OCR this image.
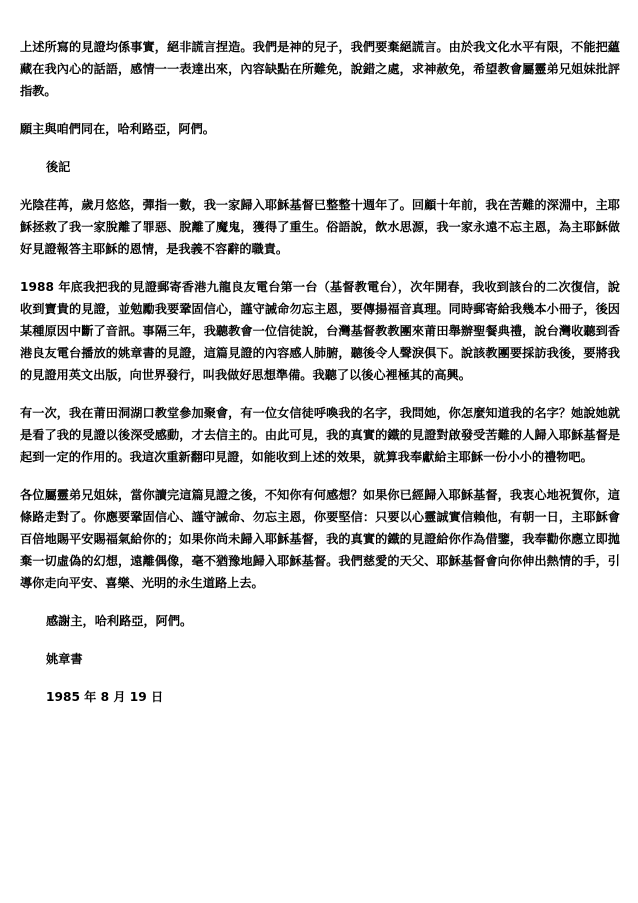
上述所寫的見證均係事實，絕非謊言捏造。我們是神的兒子，我們要棄絕謊言。由於我文化水平有限，不能把蘊藏在我內心的話語，感情一一表達出來，內容缺點在所難免，說錯之處，求神赦免，希望教會屬靈弟兄姐妹批評指教。

願主與咱們同在，哈利路亞，阿們。

後記

光陰荏苒，歲月悠悠，彈指一數，我一家歸入耶穌基督已整整十週年了。回顧十年前，我在苦難的深淵中，主耶穌拯救了我一家脫離了罪惡、脫離了魔鬼，獲得了重生。俗語說，飲水思源，我一家永遠不忘主恩，為主耶穌做好見證報答主耶穌的恩情，是我義不容辭的職責。

1988 年底我把我的見證郵寄香港九龍良友電台第一台（基督教電台），次年開春，我收到該台的二次復信，說收到寶貴的見證，並勉勵我要鞏固信心，謹守誡命勿忘主恩，要傳揚福音真理。同時郵寄給我幾本小冊子，後因某種原因中斷了音訊。事隔三年，我聽教會一位信徒說，台灣基督教教團來莆田舉辦聖餐典禮，說台灣收聽到香港良友電台播放的姚章書的見證，這篇見證的內容感人肺腑，聽後令人聲淚俱下。說該教團要採訪我後，要將我的見證用英文出版，向世界發行，叫我做好思想準備。我聽了以後心裡極其的高興。

有一次，我在莆田洞湖口教堂參加聚會，有一位女信徒呼喚我的名字，我問她，你怎麼知道我的名字？她說她就是看了我的見證以後深受感動，才去信主的。由此可見，我的真實的鐵的見證對啟發受苦難的人歸入耶穌基督是起到一定的作用的。我這次重新翻印見證，如能收到上述的效果，就算我奉獻給主耶穌一份小小的禮物吧。

各位屬靈弟兄姐妹，當你讀完這篇見證之後，不知你有何感想？如果你已經歸入耶穌基督，我衷心地祝賀你，這條路走對了。你應要鞏固信心、謹守誡命、勿忘主恩，你要堅信：只要以心靈誠實信賴他，有朝一日，主耶穌會百倍地賜平安賜福氣給你的；如果你尚未歸入耶穌基督，我的真實的鐵的見證給你作為借鑒，我奉勸你應立即拋棄一切虛偽的幻想，遠離偶像，毫不猶豫地歸入耶穌基督。我們慈愛的天父、耶穌基督會向你伸出熱情的手，引導你走向平安、喜樂、光明的永生道路上去。

感謝主，哈利路亞，阿們。

姚章書

1985 年 8 月 19 日
